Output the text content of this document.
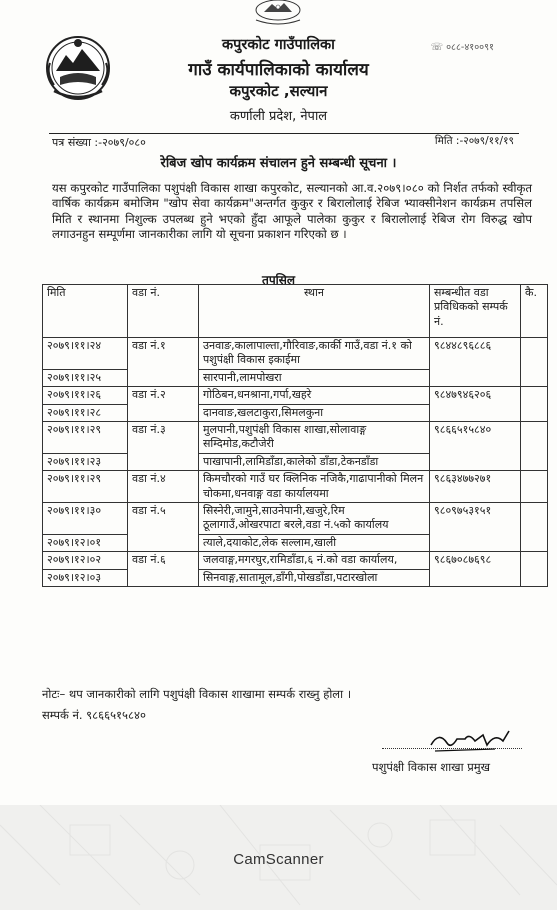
कपुरकोट गाउँपालिका
गाउँ कार्यपालिकाको कार्यालय
कपुरकोट ,सल्यान
कर्णाली प्रदेश, नेपाल
☏ ०८८-४१००९१
पत्र संख्या :-२०७९/०८०	मिति :-२०७९/११/१९
रेबिज खोप कार्यक्रम संचालन हुने सम्बन्धी सूचना ।
यस कपुरकोट गाउँपालिका पशुपंक्षी विकास शाखा कपुरकोट, सल्यानको आ.व.२०७९।०८० को निर्शत तर्फको स्वीकृत वार्षिक कार्यक्रम बमोजिम "खोप सेवा कार्यक्रम"अन्तर्गत कुकुर र बिरालोलाई रेबिज भ्याक्सीनेशन कार्यक्रम तपसिल मिति र स्थानमा निशुल्क उपलब्ध हुने भएको हुँदा आफूले पालेका कुकुर र बिरालोलाई रेबिज रोग विरुद्ध खोप लगाउनहुन सम्पूर्णमा जानकारीका लागि यो सूचना प्रकाशन गरिएको छ ।
तपसिल
मिति	वडा नं.	स्थान	सम्बन्धीत वडा प्रविधिकको सम्पर्क नं.	कै.
२०७९।११।२४	वडा नं.१	उनवाङ,कालापाल्ता,गौरिवाङ,कार्की गाउँ,वडा नं.१ को पशुपंक्षी विकास इकाईमा	९८४४८९६८८६	
२०७९।११।२५		सारपानी,लामपोखरा		
२०७९।११।२६	वडा नं.२	गोठिबन,धनश्राना,गर्पा,खहरे	९८४७९४६२०६	
२०७९।११।२८		दानवाङ,खलटाकुरा,सिमलकुना		
२०७९।११।२९	वडा नं.३	मुलपानी,पशुपंक्षी विकास शाखा,सोलावाङ्ग सम्दिमोड,कटौजेरी	९८६६५१५८४०	
२०७९।११।२३		पाखापानी,लामिडाँडा,कालेको डाँडा,टेकनडाँडा		
२०७९।११।२९	वडा नं.४	किमचौरको गाउँ घर क्लिनिक नजिकै,गाढापानीको मिलन चोकमा,धनवाङ्ग वडा कार्यालयमा	९८६३४७७२७१	
२०७९।११।३०	वडा नं.५	सिस्नेरी,जामुने,साउनेपानी,खजुरे,रिम ठूलागाउँ,ओखरपाटा बरले,वडा नं.५को कार्यालय	९८०९७५३१५१	
२०७९।१२।०१		त्याले,दयाकोट,लेक सल्लाम,खाली		
२०७९।१२।०२	वडा नं.६	जलवाङ्ग,मगरघुर,रामिडाँडा,६ नं.को वडा कार्यालय,	९८६७०८७६९८	
२०७९।१२।०३		सिनवाङ्ग,सातामूल,डाँगी,पोखडाँडा,पटारखोला		
नोटः– थप जानकारीको लागि पशुपंक्षी विकास शाखामा सम्पर्क राख्नु होला ।
सम्पर्क नं. ९८६६५१५८४०
पशुपंक्षी विकास शाखा प्रमुख
CamScanner
